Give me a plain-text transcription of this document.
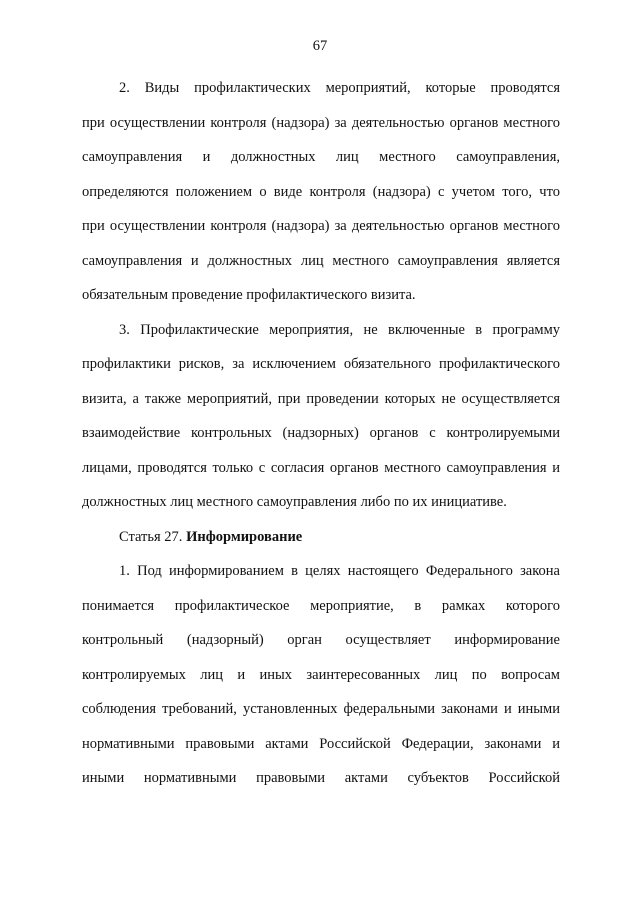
67
2. Виды профилактических мероприятий, которые проводятся
при осуществлении контроля (надзора) за деятельностью органов местного
самоуправления и должностных лиц местного самоуправления,
определяются положением о виде контроля (надзора) с учетом того, что
при осуществлении контроля (надзора) за деятельностью органов местного
самоуправления и должностных лиц местного самоуправления является
обязательным проведение профилактического визита.
3. Профилактические мероприятия, не включенные в программу
профилактики рисков, за исключением обязательного профилактического
визита, а также мероприятий, при проведении которых не осуществляется
взаимодействие контрольных (надзорных) органов с контролируемыми
лицами, проводятся только с согласия органов местного самоуправления и
должностных лиц местного самоуправления либо по их инициативе.
Статья 27. Информирование
1. Под информированием в целях настоящего Федерального закона
понимается профилактическое мероприятие, в рамках которого
контрольный (надзорный) орган осуществляет информирование
контролируемых лиц и иных заинтересованных лиц по вопросам
соблюдения требований, установленных федеральными законами и иными
нормативными правовыми актами Российской Федерации, законами и
иными нормативными правовыми актами субъектов Российской
